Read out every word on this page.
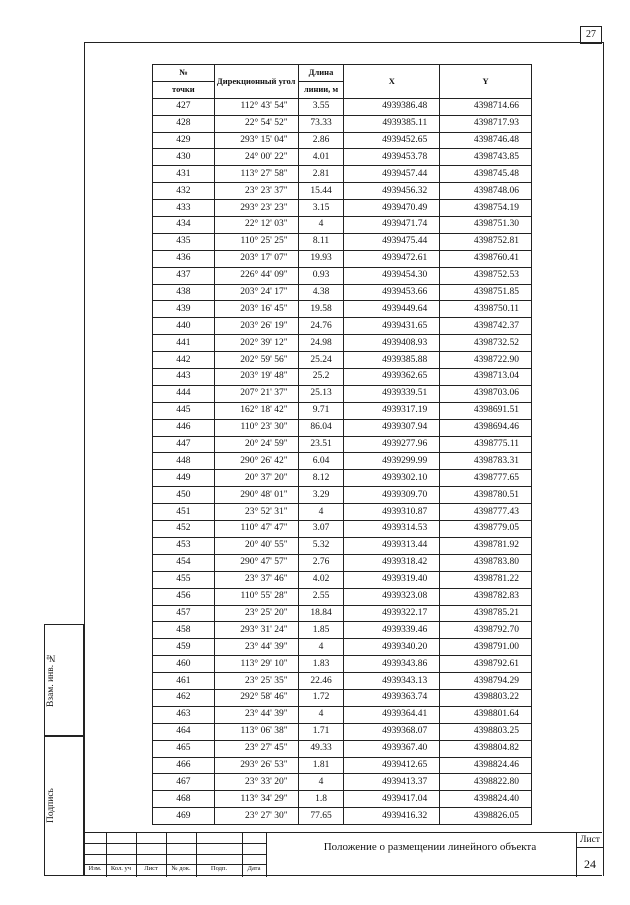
27
Взам. инв. №
Подпись
№	Дирекционный угол	Длина	X	Y
точки		линии, м		
427	112° 43' 54"	3.55	4939386.48	4398714.66
428	22° 54' 52"	73.33	4939385.11	4398717.93
429	293° 15' 04"	2.86	4939452.65	4398746.48
430	24° 00' 22"	4.01	4939453.78	4398743.85
431	113° 27' 58"	2.81	4939457.44	4398745.48
432	23° 23' 37"	15.44	4939456.32	4398748.06
433	293° 23' 23"	3.15	4939470.49	4398754.19
434	22° 12' 03"	4	4939471.74	4398751.30
435	110° 25' 25"	8.11	4939475.44	4398752.81
436	203° 17' 07"	19.93	4939472.61	4398760.41
437	226° 44' 09"	0.93	4939454.30	4398752.53
438	203° 24' 17"	4.38	4939453.66	4398751.85
439	203° 16' 45"	19.58	4939449.64	4398750.11
440	203° 26' 19"	24.76	4939431.65	4398742.37
441	202° 39' 12"	24.98	4939408.93	4398732.52
442	202° 59' 56"	25.24	4939385.88	4398722.90
443	203° 19' 48"	25.2	4939362.65	4398713.04
444	207° 21' 37"	25.13	4939339.51	4398703.06
445	162° 18' 42"	9.71	4939317.19	4398691.51
446	110° 23' 30"	86.04	4939307.94	4398694.46
447	20° 24' 59"	23.51	4939277.96	4398775.11
448	290° 26' 42"	6.04	4939299.99	4398783.31
449	20° 37' 20"	8.12	4939302.10	4398777.65
450	290° 48' 01"	3.29	4939309.70	4398780.51
451	23° 52' 31"	4	4939310.87	4398777.43
452	110° 47' 47"	3.07	4939314.53	4398779.05
453	20° 40' 55"	5.32	4939313.44	4398781.92
454	290° 47' 57"	2.76	4939318.42	4398783.80
455	23° 37' 46"	4.02	4939319.40	4398781.22
456	110° 55' 28"	2.55	4939323.08	4398782.83
457	23° 25' 20"	18.84	4939322.17	4398785.21
458	293° 31' 24"	1.85	4939339.46	4398792.70
459	23° 44' 39"	4	4939340.20	4398791.00
460	113° 29' 10"	1.83	4939343.86	4398792.61
461	23° 25' 35"	22.46	4939343.13	4398794.29
462	292° 58' 46"	1.72	4939363.74	4398803.22
463	23° 44' 39"	4	4939364.41	4398801.64
464	113° 06' 38"	1.71	4939368.07	4398803.25
465	23° 27' 45"	49.33	4939367.40	4398804.82
466	293° 26' 53"	1.81	4939412.65	4398824.46
467	23° 33' 20"	4	4939413.37	4398822.80
468	113° 34' 29"	1.8	4939417.04	4398824.40
469	23° 27' 30"	77.65	4939416.32	4398826.05
Изм.	Кол. уч	Лист	№ док.	Подп.	Дата
Положение о размещении линейного объекта
Лист
24
